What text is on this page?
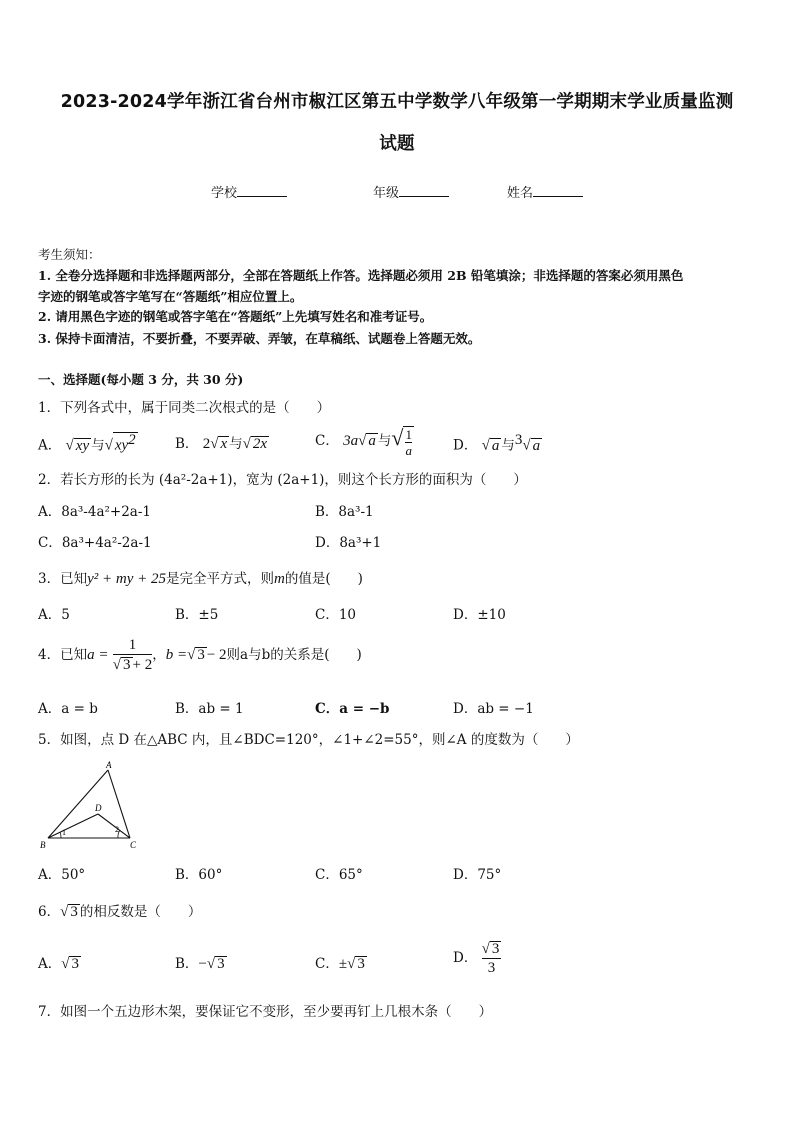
2023-2024学年浙江省台州市椒江区第五中学数学八年级第一学期期末学业质量监测
试题
学校	年级	姓名
考生须知：
1. 全卷分选择题和非选择题两部分，全部在答题纸上作答。选择题必须用 2B 铅笔填涂；非选择题的答案必须用黑色
字迹的钢笔或答字笔写在“答题纸”相应位置上。
2. 请用黑色字迹的钢笔或答字笔在“答题纸”上先填写姓名和准考证号。
3. 保持卡面清洁，不要折叠，不要弄破、弄皱，在草稿纸、试题卷上答题无效。
一、选择题(每小题 3 分，共 30 分)
1．下列各式中，属于同类二次根式的是（　　）
A． √ xy 与√ $xy^2$	B． 2√ x 与√ 2x	C． 3a√ a 与√ $\frac{1}{a}$	D． √ a 与$^3$√ a
2．若长方形的长为 (4a²-2a+1)，宽为 (2a+1)，则这个长方形的面积为（　　）
A．8a³-4a²+2a-1	B．8a³-1
C．8a³+4a²-2a-1	D．8a³+1
3．已知y² + my + 25是完全平方式，则m的值是(　　)
A．5	B．±5	C．10	D．±10
4．已知$a = \frac{1}{√ 3 + 2}$ ，b =√ 3 − 2则a与b的关系是(　　)
A．a = b	B．ab = 1	C．a = −b	D．ab = −1
5．如图，点 D 在△ABC 内，且∠BDC=120°，∠1+∠2=55°，则∠A 的度数为（　　）
A
B	C
D
1	2
A．50°	B．60°	C．65°	D．75°
6．√ 3 的相反数是（　　）
A．√ 3	B．−√ 3	C．±√ 3	D． $\frac{√ 3}{3}$
7．如图一个五边形木架，要保证它不变形，至少要再钉上几根木条（　　）
